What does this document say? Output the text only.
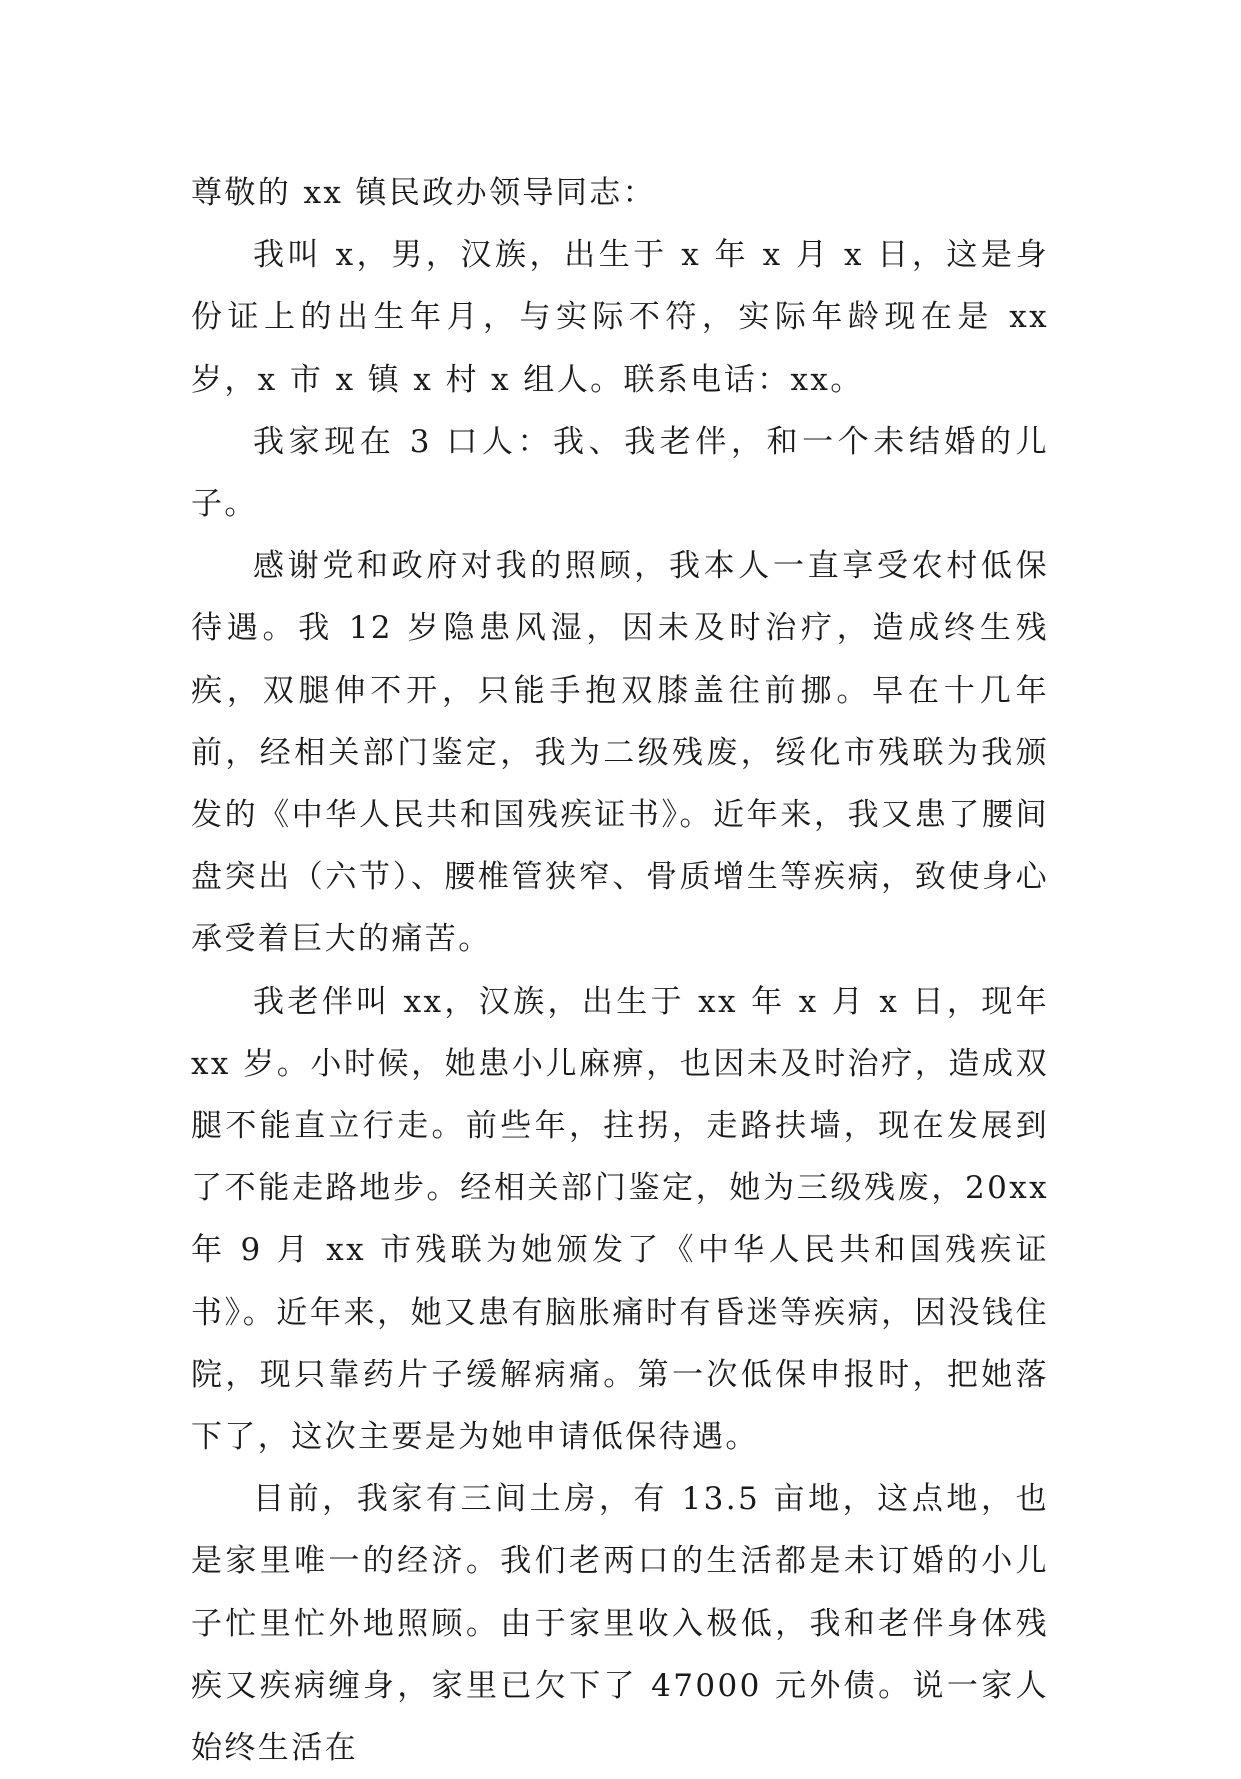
尊敬的 xx 镇民政办领导同志：

我叫 x，男，汉族，出生于 x 年 x 月 x 日，这是身份证上的出生年月，与实际不符，实际年龄现在是 xx 岁，x 市 x 镇 x 村 x 组人。联系电话：xx。

我家现在 3 口人：我、我老伴，和一个未结婚的儿子。

感谢党和政府对我的照顾，我本人一直享受农村低保待遇。我 12 岁隐患风湿，因未及时治疗，造成终生残疾，双腿伸不开，只能手抱双膝盖往前挪。早在十几年前，经相关部门鉴定，我为二级残废，绥化市残联为我颁发的《中华人民共和国残疾证书》。近年来，我又患了腰间盘突出（六节）、腰椎管狭窄、骨质增生等疾病，致使身心承受着巨大的痛苦。

我老伴叫 xx，汉族，出生于 xx 年 x 月 x 日，现年 xx 岁。小时候，她患小儿麻痹，也因未及时治疗，造成双腿不能直立行走。前些年，拄拐，走路扶墙，现在发展到了不能走路地步。经相关部门鉴定，她为三级残废，20xx 年 9 月 xx 市残联为她颁发了《中华人民共和国残疾证书》。近年来，她又患有脑胀痛时有昏迷等疾病，因没钱住院，现只靠药片子缓解病痛。第一次低保申报时，把她落下了，这次主要是为她申请低保待遇。

目前，我家有三间土房，有 13.5 亩地，这点地，也是家里唯一的经济。我们老两口的生活都是未订婚的小儿子忙里忙外地照顾。由于家里收入极低，我和老伴身体残疾又疾病缠身，家里已欠下了 47000 元外债。说一家人始终生活在
